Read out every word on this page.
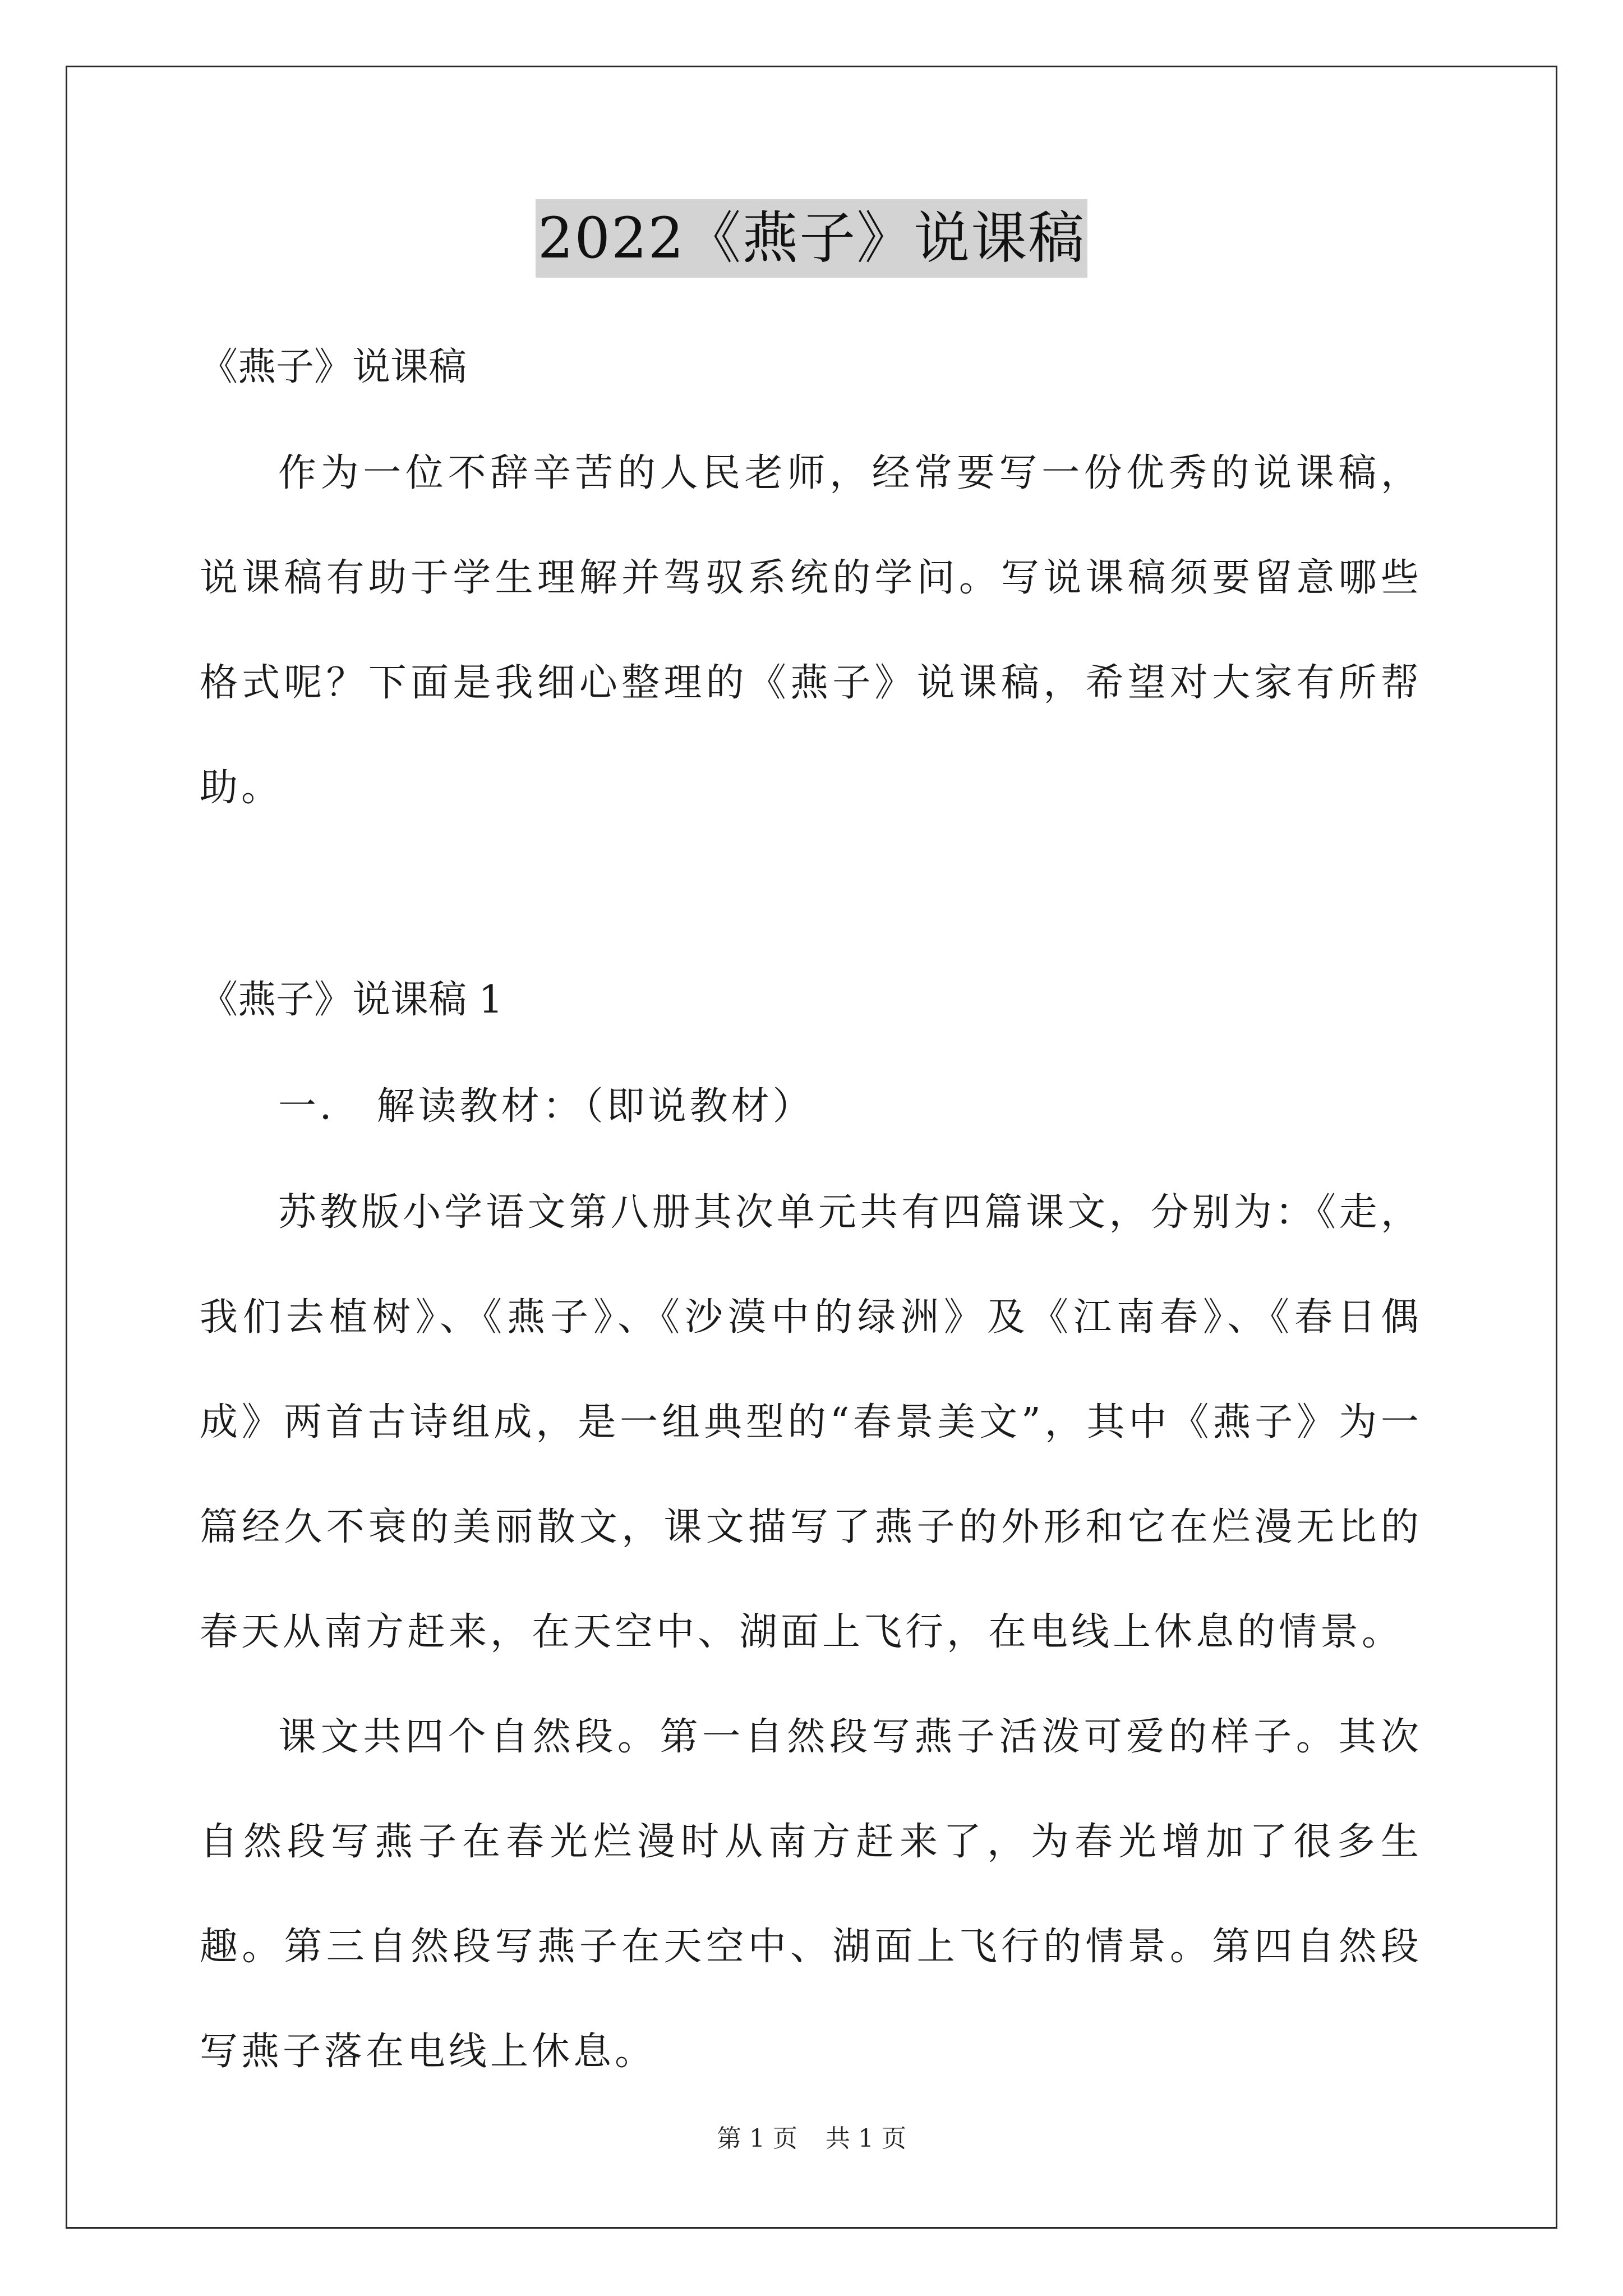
2022《燕子》说课稿

《燕子》说课稿

作为一位不辞辛苦的人民老师，经常要写一份优秀的说课稿，说课稿有助于学生理解并驾驭系统的学问。写说课稿须要留意哪些格式呢？下面是我细心整理的《燕子》说课稿，希望对大家有所帮助。

《燕子》说课稿 1

一． 解读教材：（即说教材）

苏教版小学语文第八册其次单元共有四篇课文，分别为：《走，我们去植树》、《燕子》、《沙漠中的绿洲》及《江南春》、《春日偶成》两首古诗组成，是一组典型的“春景美文”，其中《燕子》为一篇经久不衰的美丽散文，课文描写了燕子的外形和它在烂漫无比的春天从南方赶来，在天空中、湖面上飞行，在电线上休息的情景。

课文共四个自然段。第一自然段写燕子活泼可爱的样子。其次自然段写燕子在春光烂漫时从南方赶来了，为春光增加了很多生趣。第三自然段写燕子在天空中、湖面上飞行的情景。第四自然段写燕子落在电线上休息。

第 1 页 共 1 页
